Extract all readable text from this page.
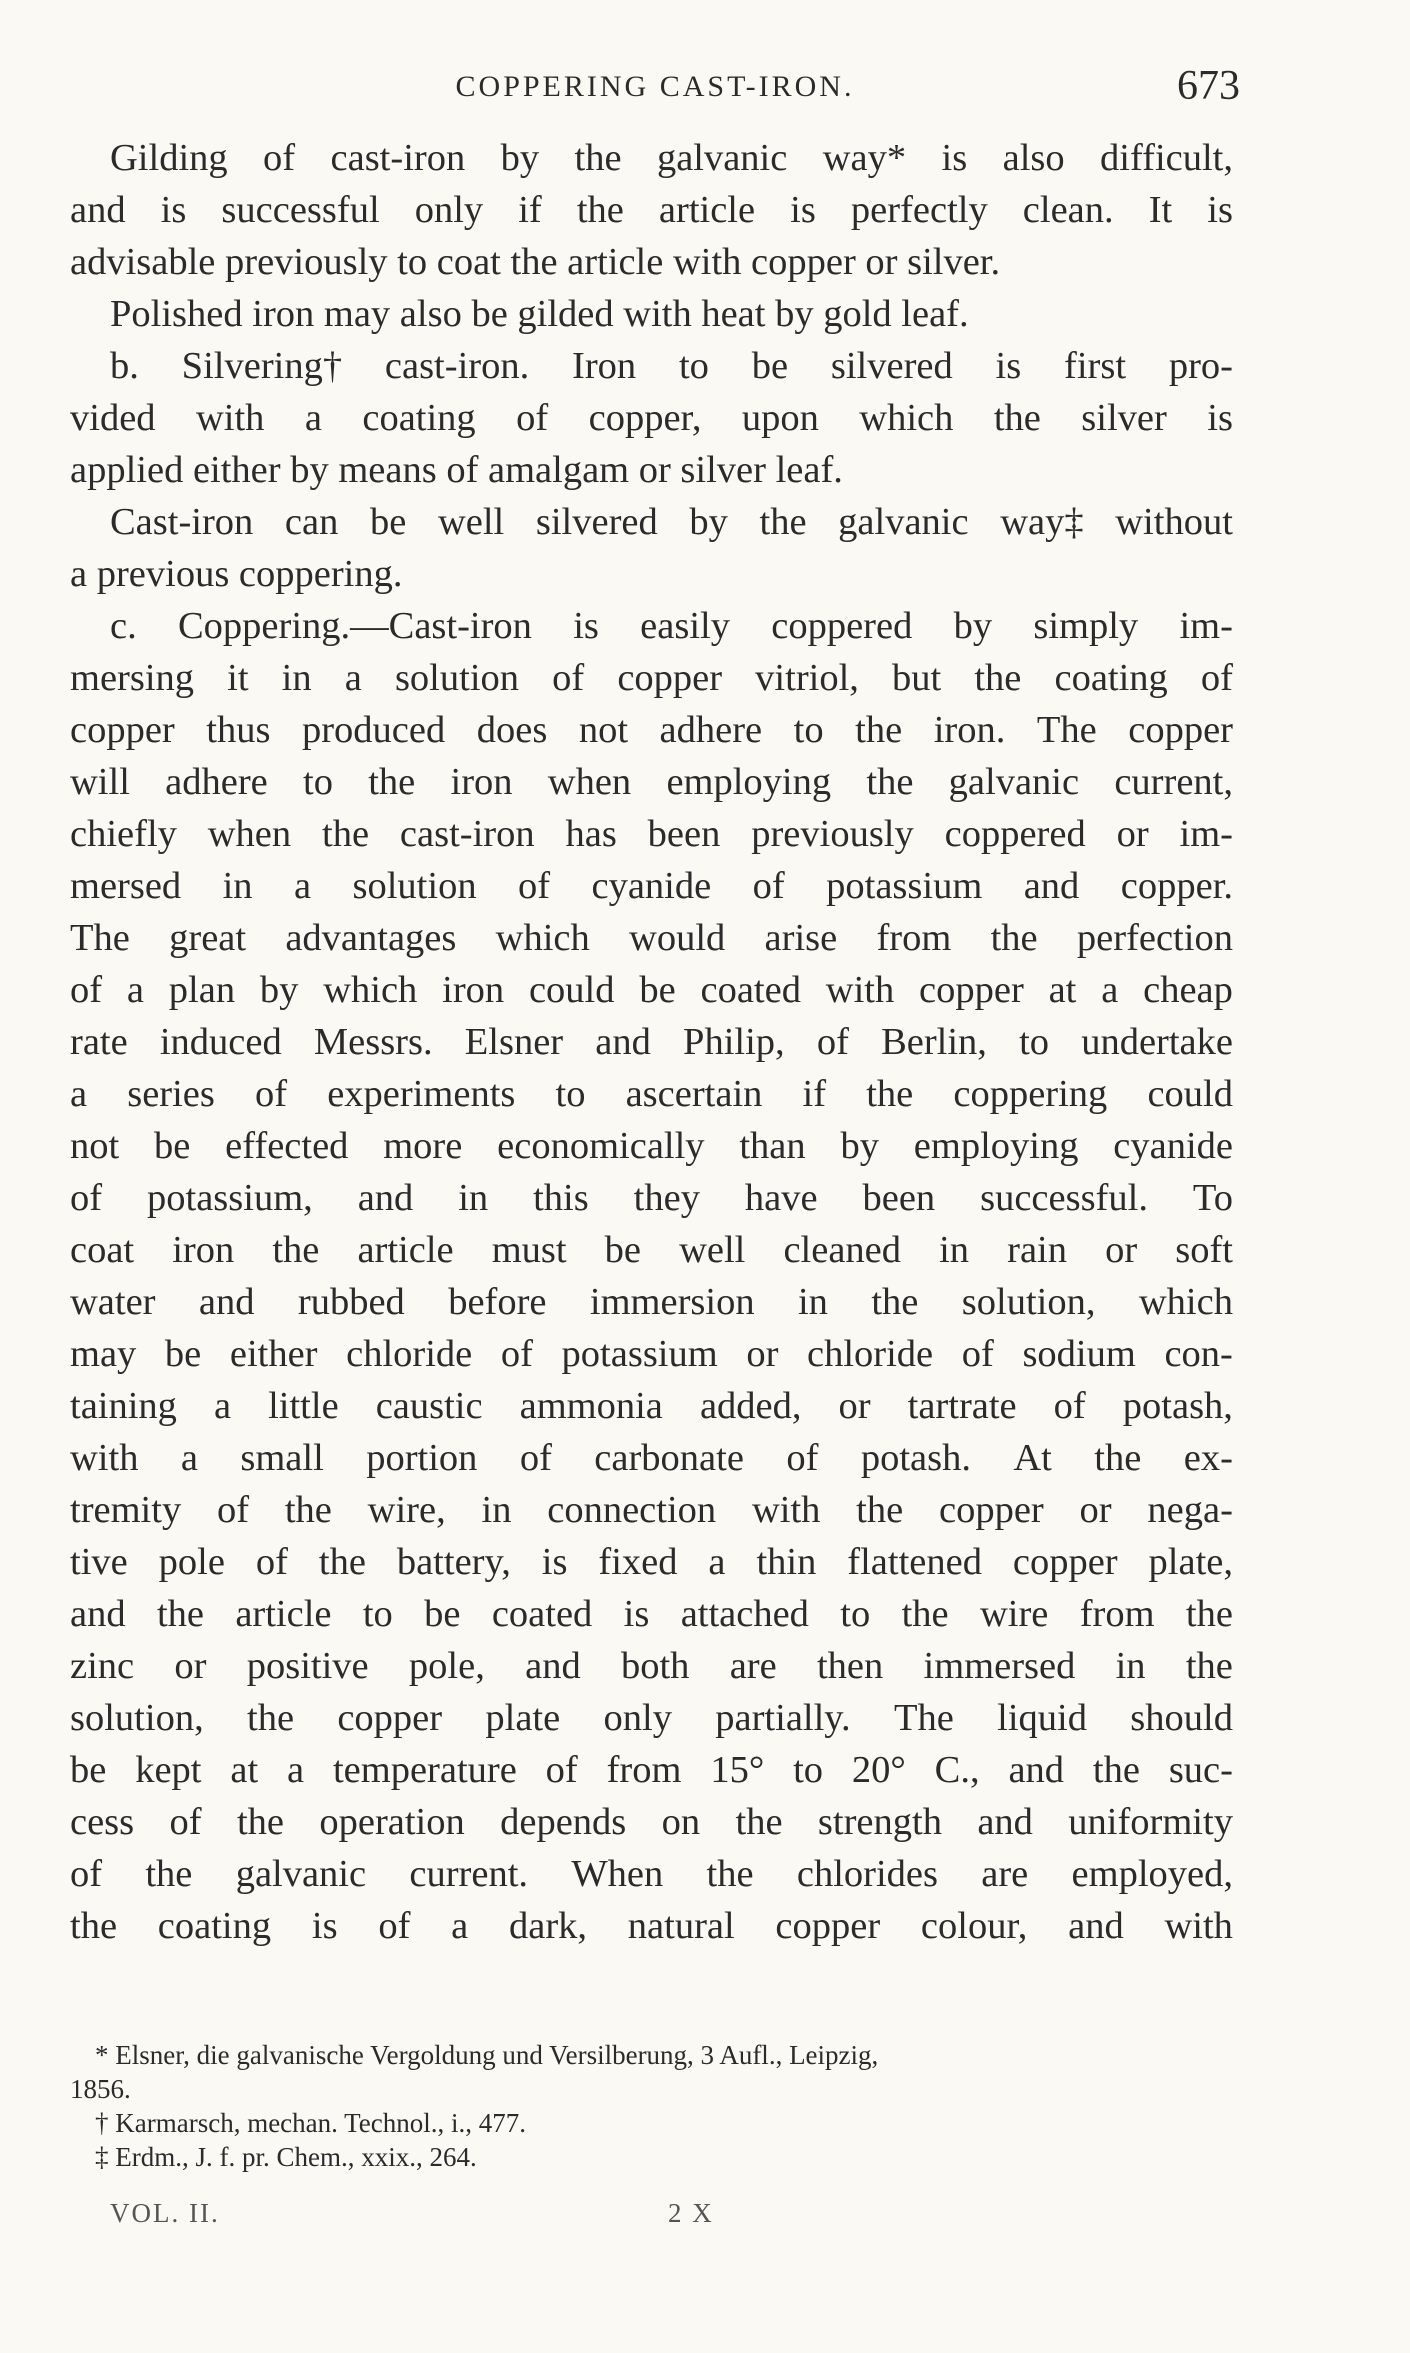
COPPERING CAST-IRON.	673
Gilding of cast-iron by the galvanic way* is also difficult,
and is successful only if the article is perfectly clean. It is
advisable previously to coat the article with copper or silver.
Polished iron may also be gilded with heat by gold leaf.
b. Silvering† cast-iron. Iron to be silvered is first pro-
vided with a coating of copper, upon which the silver is
applied either by means of amalgam or silver leaf.
Cast-iron can be well silvered by the galvanic way‡ without
a previous coppering.
c. Coppering.—Cast-iron is easily coppered by simply im-
mersing it in a solution of copper vitriol, but the coating of
copper thus produced does not adhere to the iron. The copper
will adhere to the iron when employing the galvanic current,
chiefly when the cast-iron has been previously coppered or im-
mersed in a solution of cyanide of potassium and copper.
The great advantages which would arise from the perfection
of a plan by which iron could be coated with copper at a cheap
rate induced Messrs. Elsner and Philip, of Berlin, to undertake
a series of experiments to ascertain if the coppering could
not be effected more economically than by employing cyanide
of potassium, and in this they have been successful. To
coat iron the article must be well cleaned in rain or soft
water and rubbed before immersion in the solution, which
may be either chloride of potassium or chloride of sodium con-
taining a little caustic ammonia added, or tartrate of potash,
with a small portion of carbonate of potash. At the ex-
tremity of the wire, in connection with the copper or nega-
tive pole of the battery, is fixed a thin flattened copper plate,
and the article to be coated is attached to the wire from the
zinc or positive pole, and both are then immersed in the
solution, the copper plate only partially. The liquid should
be kept at a temperature of from 15° to 20° C., and the suc-
cess of the operation depends on the strength and uniformity
of the galvanic current. When the chlorides are employed,
the coating is of a dark, natural copper colour, and with
* Elsner, die galvanische Vergoldung und Versilberung, 3 Aufl., Leipzig,
1856.
† Karmarsch, mechan. Technol., i., 477.
‡ Erdm., J. f. pr. Chem., xxix., 264.
VOL. II.	2 X
